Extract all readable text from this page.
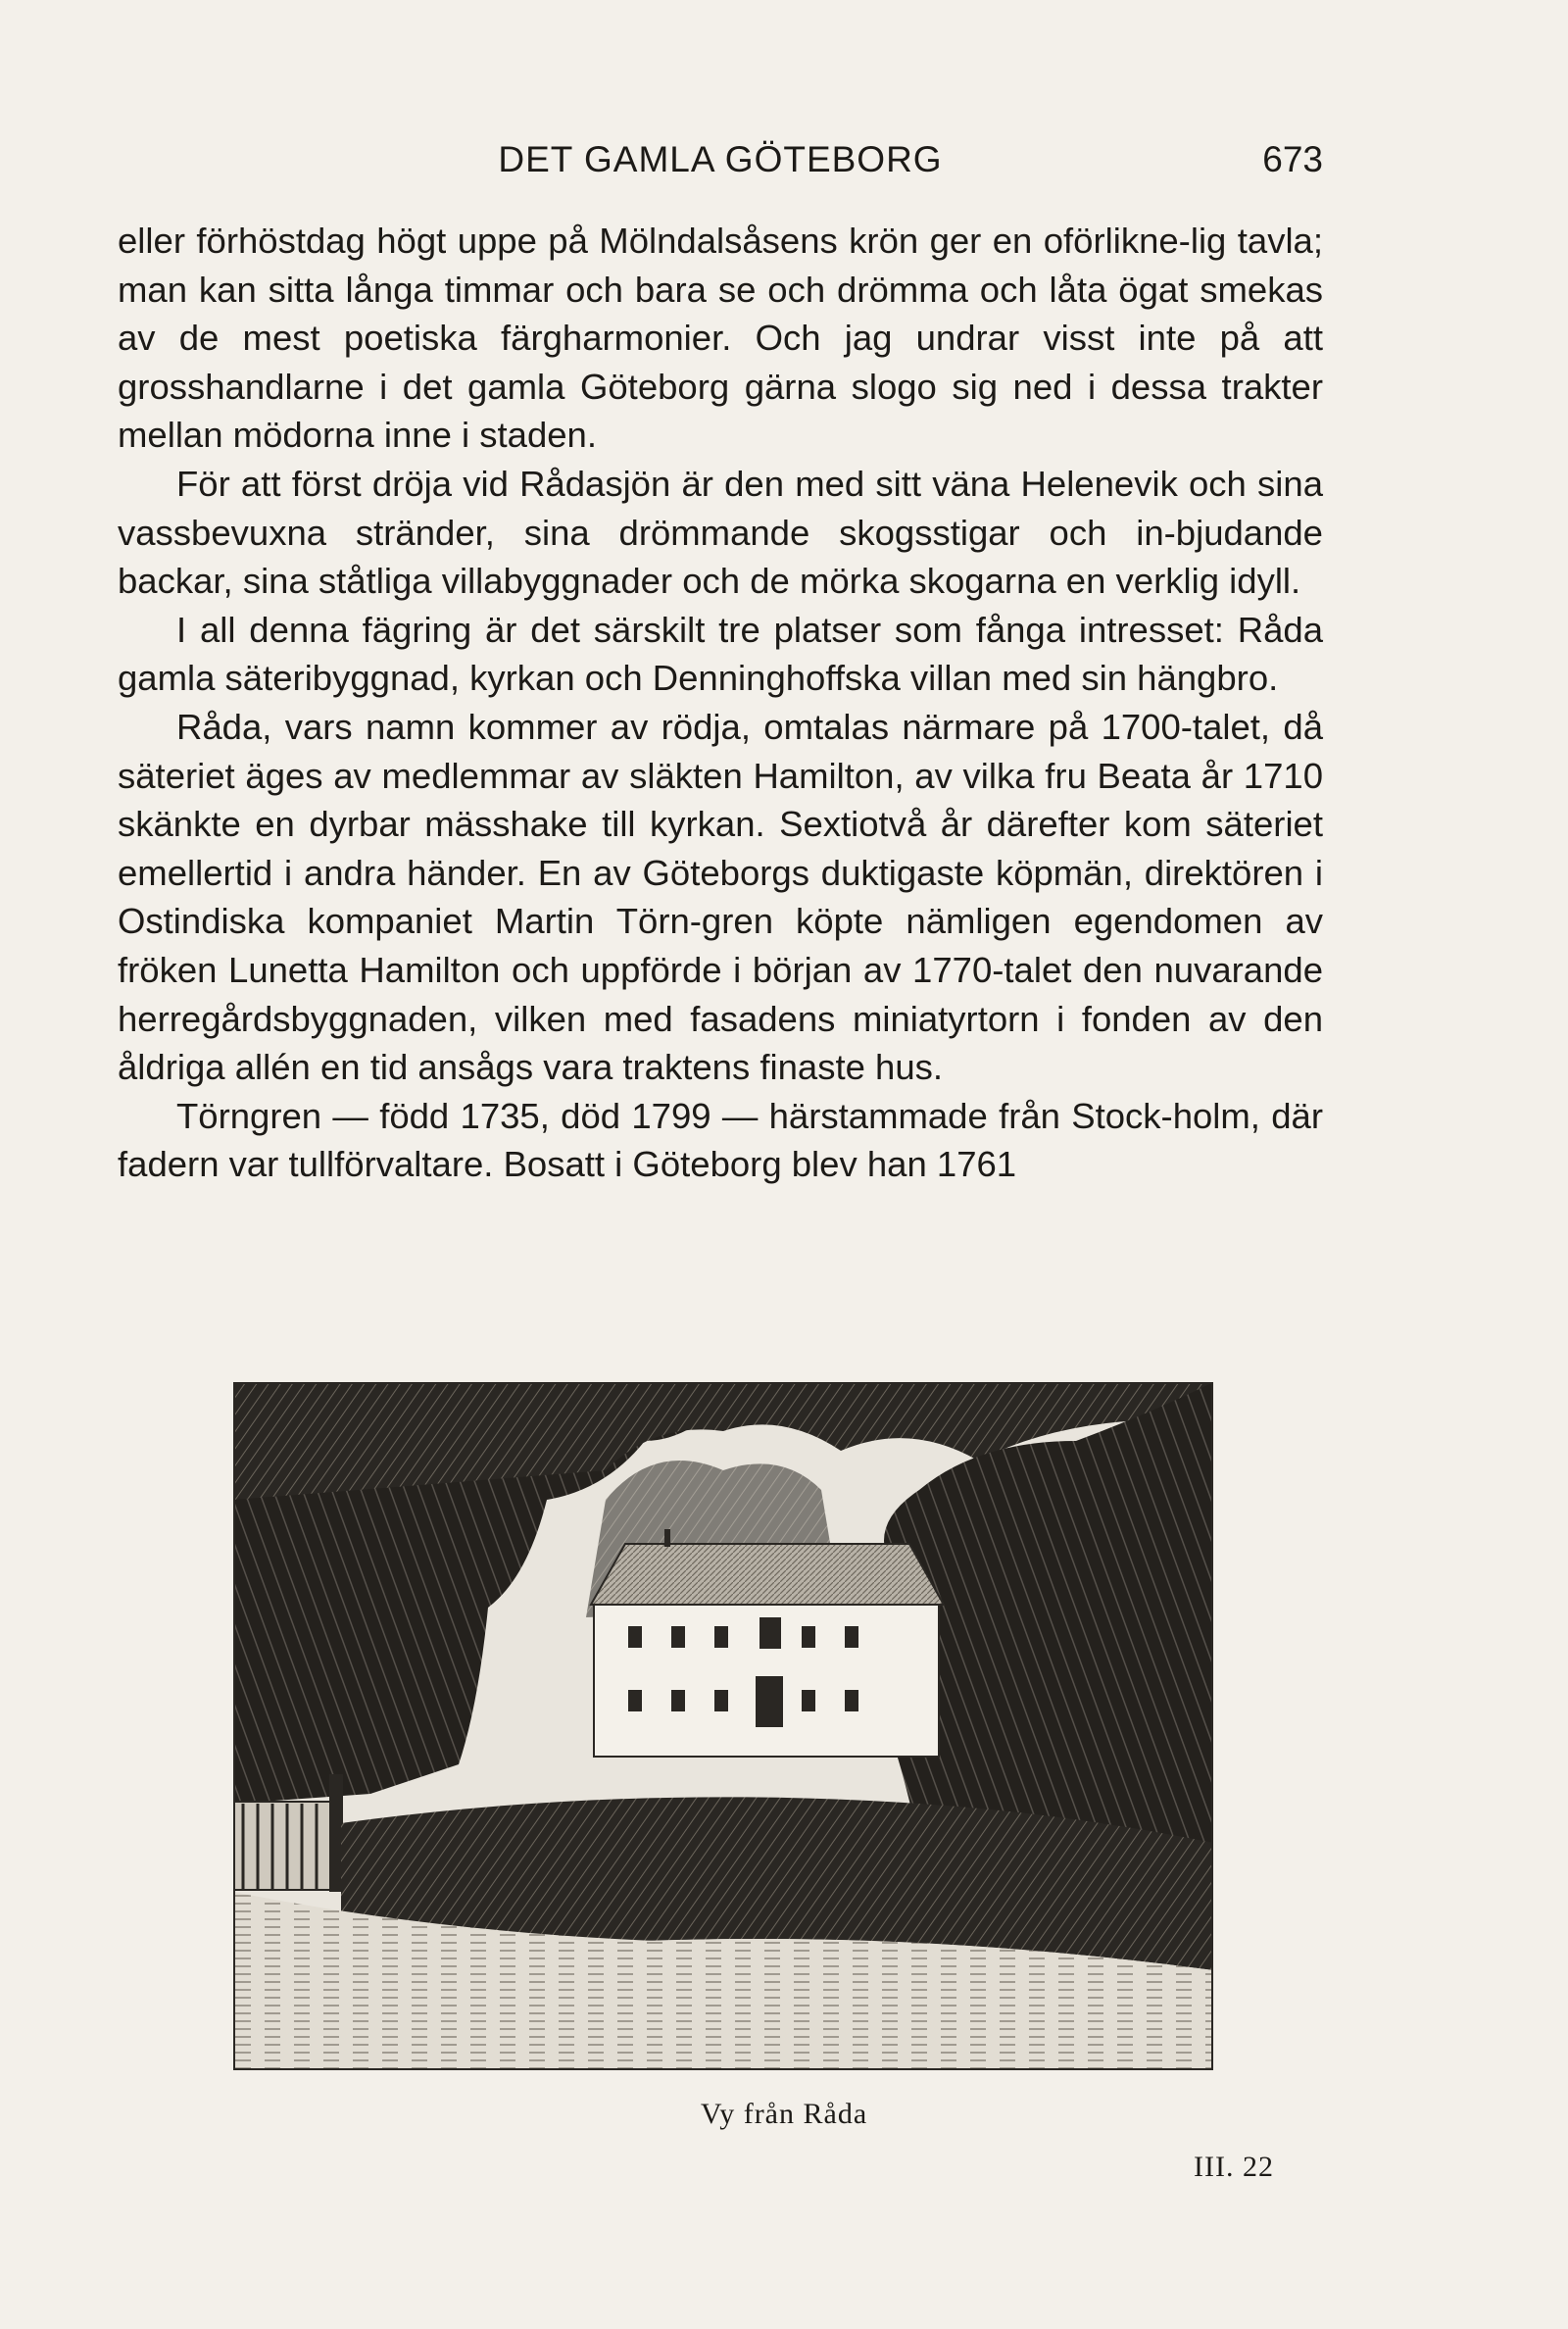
DET GAMLA GÖTEBORG	673

eller förhöstdag högt uppe på Mölndalsåsens krön ger en oförlikne-lig tavla; man kan sitta långa timmar och bara se och drömma och låta ögat smekas av de mest poetiska färgharmonier. Och jag undrar visst inte på att grosshandlarne i det gamla Göteborg gärna slogo sig ned i dessa trakter mellan mödorna inne i staden.

För att först dröja vid Rådasjön är den med sitt väna Helenevik och sina vassbevuxna stränder, sina drömmande skogsstigar och in-bjudande backar, sina ståtliga villabyggnader och de mörka skogarna en verklig idyll.

I all denna fägring är det särskilt tre platser som fånga intresset: Råda gamla säteribyggnad, kyrkan och Denninghoffska villan med sin hängbro.

Råda, vars namn kommer av rödja, omtalas närmare på 1700-talet, då säteriet äges av medlemmar av släkten Hamilton, av vilka fru Beata år 1710 skänkte en dyrbar mässhake till kyrkan. Sextiotvå år därefter kom säteriet emellertid i andra händer. En av Göteborgs duktigaste köpmän, direktören i Ostindiska kompaniet Martin Törn-gren köpte nämligen egendomen av fröken Lunetta Hamilton och uppförde i början av 1770-talet den nuvarande herregårdsbyggnaden, vilken med fasadens miniatyrtorn i fonden av den åldriga allén en tid ansågs vara traktens finaste hus.

Törngren — född 1735, död 1799 — härstammade från Stock-holm, där fadern var tullförvaltare. Bosatt i Göteborg blev han 1761

Vy från Råda
III. 22
